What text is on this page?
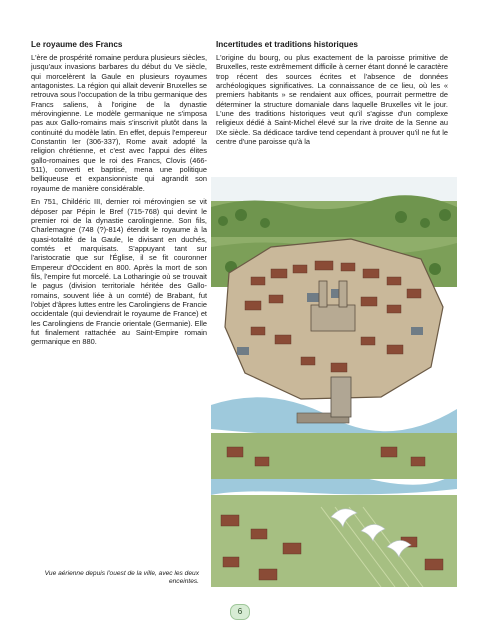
Le royaume des Francs

L'ère de prospérité romaine perdura plusieurs siècles, jusqu'aux invasions barbares du début du Ve siècle, qui morcelèrent la Gaule en plusieurs royaumes antagonistes. La région qui allait devenir Bruxelles se retrouva sous l'occupation de la tribu germanique des Francs saliens, à l'origine de la dynastie mérovingienne. Le modèle germanique ne s'imposa pas aux Gallo-romains mais s'inscrivit plutôt dans la continuité du modèle latin. En effet, depuis l'empereur Constantin Ier (306-337), Rome avait adopté la religion chrétienne, et c'est avec l'appui des élites gallo-romaines que le roi des Francs, Clovis (466-511), converti et baptisé, mena une politique belliqueuse et expansionniste qui agrandit son royaume de manière considérable.

En 751, Childéric III, dernier roi mérovingien se vit déposer par Pépin le Bref (715-768) qui devint le premier roi de la dynastie carolingienne. Son fils, Charlemagne (748 (?)-814) étendit le royaume à la quasi-totalité de la Gaule, le divisant en duchés, comtés et marquisats. S'appuyant tant sur l'aristocratie que sur l'Église, il se fit couronner Empereur d'Occident en 800. Après la mort de son fils, l'empire fut morcelé. La Lotharingie où se trouvait le pagus (division territoriale héritée des Gallo-romains, souvent liée à un comté) de Brabant, fut l'objet d'âpres luttes entre les Carolingiens de Francie occidentale (qui deviendrait le royaume de France) et les Carolingiens de Francie orientale (Germanie). Elle fut finalement rattachée au Saint-Empire romain germanique en 880.

Incertitudes et traditions historiques

L'origine du bourg, ou plus exactement de la paroisse primitive de Bruxelles, reste extrêmement difficile à cerner étant donné le caractère trop récent des sources écrites et l'absence de données archéologiques significatives. La connaissance de ce lieu, où les « premiers habitants » se rendaient aux offices, pourrait permettre de déterminer la structure domaniale dans laquelle Bruxelles vit le jour. L'une des traditions historiques veut qu'il s'agisse d'un complexe religieux dédié à Saint-Michel élevé sur la rive droite de la Senne au IXe siècle. Sa dédicace tardive tend cependant à prouver qu'il ne fut le centre d'une paroisse qu'à la

Vue aérienne depuis l'ouest de la ville, avec les deux enceintes.
6
